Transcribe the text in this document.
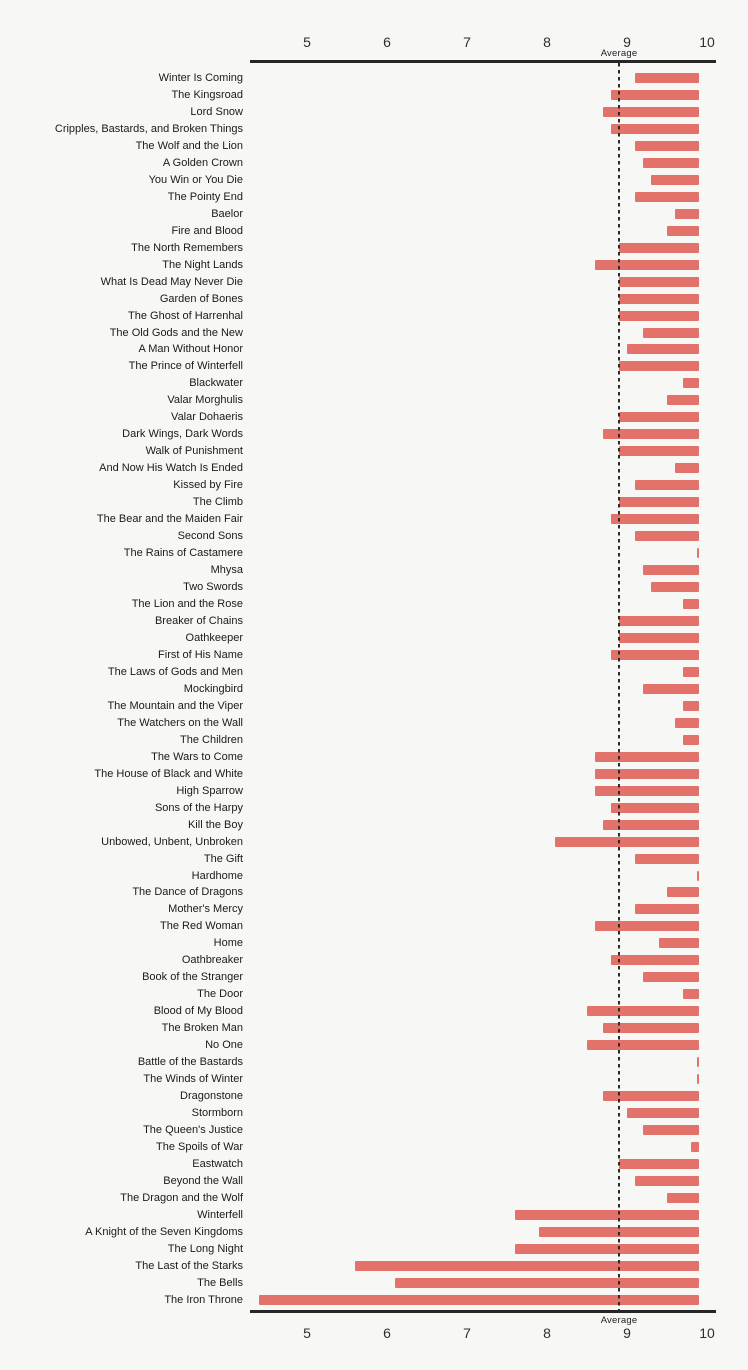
5	6	7	8	9	10
Average
Winter Is Coming
The Kingsroad
Lord Snow
Cripples, Bastards, and Broken Things
The Wolf and the Lion
A Golden Crown
You Win or You Die
The Pointy End
Baelor
Fire and Blood
The North Remembers
The Night Lands
What Is Dead May Never Die
Garden of Bones
The Ghost of Harrenhal
The Old Gods and the New
A Man Without Honor
The Prince of Winterfell
Blackwater
Valar Morghulis
Valar Dohaeris
Dark Wings, Dark Words
Walk of Punishment
And Now His Watch Is Ended
Kissed by Fire
The Climb
The Bear and the Maiden Fair
Second Sons
The Rains of Castamere
Mhysa
Two Swords
The Lion and the Rose
Breaker of Chains
Oathkeeper
First of His Name
The Laws of Gods and Men
Mockingbird
The Mountain and the Viper
The Watchers on the Wall
The Children
The Wars to Come
The House of Black and White
High Sparrow
Sons of the Harpy
Kill the Boy
Unbowed, Unbent, Unbroken
The Gift
Hardhome
The Dance of Dragons
Mother's Mercy
The Red Woman
Home
Oathbreaker
Book of the Stranger
The Door
Blood of My Blood
The Broken Man
No One
Battle of the Bastards
The Winds of Winter
Dragonstone
Stormborn
The Queen's Justice
The Spoils of War
Eastwatch
Beyond the Wall
The Dragon and the Wolf
Winterfell
A Knight of the Seven Kingdoms
The Long Night
The Last of the Starks
The Bells
The Iron Throne
Average
5	6	7	8	9	10
